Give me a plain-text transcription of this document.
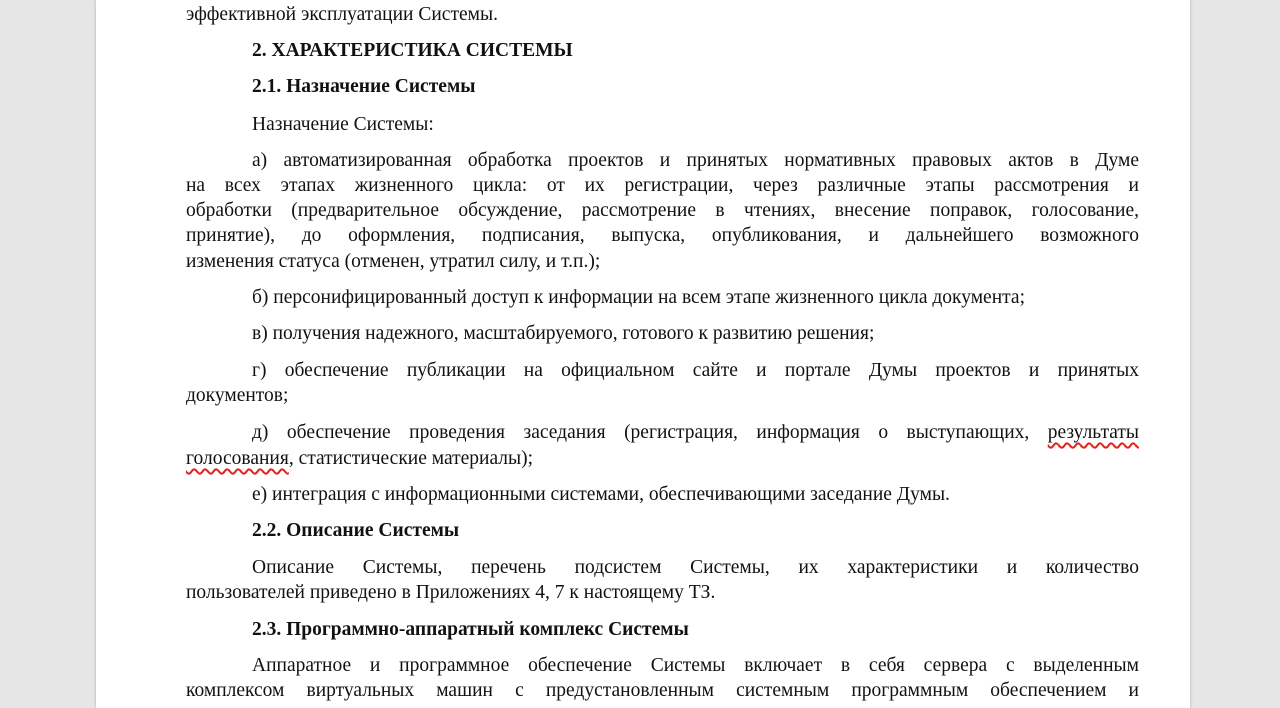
эффективной эксплуатации Системы.
2. ХАРАКТЕРИСТИКА СИСТЕМЫ
2.1. Назначение Системы
Назначение Системы:
а) автоматизированная обработка проектов и принятых нормативных правовых актов в Думе
на всех этапах жизненного цикла: от их регистрации, через различные этапы рассмотрения и
обработки (предварительное обсуждение, рассмотрение в чтениях, внесение поправок, голосование,
принятие), до оформления, подписания, выпуска, опубликования, и дальнейшего возможного
изменения статуса (отменен, утратил силу, и т.п.);
б) персонифицированный доступ к информации на всем этапе жизненного цикла документа;
в) получения надежного, масштабируемого, готового к развитию решения;
г) обеспечение публикации на официальном сайте и портале Думы проектов и принятых
документов;
д) обеспечение проведения заседания (регистрация, информация о выступающих, результаты
голосования, статистические материалы);
е) интеграция с информационными системами, обеспечивающими заседание Думы.
2.2. Описание Системы
Описание Системы, перечень подсистем Системы, их характеристики и количество
пользователей приведено в Приложениях 4, 7 к настоящему ТЗ.
2.3. Программно-аппаратный комплекс Системы
Аппаратное и программное обеспечение Системы включает в себя сервера с выделенным
комплексом виртуальных машин с предустановленным системным программным обеспечением и
